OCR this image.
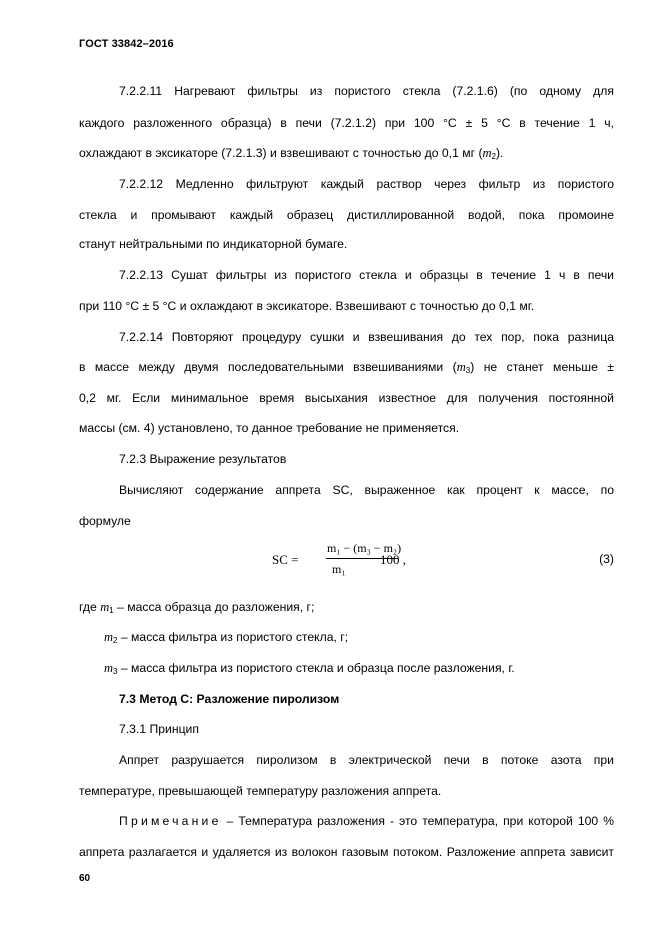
ГОСТ 33842–2016
7.2.2.11 Нагревают фильтры из пористого стекла (7.2.1.6) (по одному для
каждого разложенного образца) в печи (7.2.1.2) при 100 °С ± 5 °С в течение 1 ч,
охлаждают в эксикаторе (7.2.1.3) и взвешивают с точностью до 0,1 мг $(m_2)$.
7.2.2.12 Медленно фильтруют каждый раствор через фильтр из пористого
стекла и промывают каждый образец дистиллированной водой, пока промоине
станут нейтральными по индикаторной бумаге.
7.2.2.13 Сушат фильтры из пористого стекла и образцы в течение 1 ч в печи
при 110 °С ± 5 °С и охлаждают в эксикаторе. Взвешивают с точностью до 0,1 мг.
7.2.2.14 Повторяют процедуру сушки и взвешивания до тех пор, пока разница
в массе между двумя последовательными взвешиваниями $(m_3)$ не станет меньше ±
0,2 мг. Если минимальное время высыхания известное для получения постоянной
массы (см. 4) установлено, то данное требование не применяется.
7.2.3 Выражение результатов
Вычисляют содержание аппрета SC, выраженное как процент к массе, по
формуле
SC =
m₁ − (m₃ − m₂)
m₁
100 ,	(3)
где $m_1$ – масса образца до разложения, г;
$m_2$ – масса фильтра из пористого стекла, г;
$m_3$ – масса фильтра из пористого стекла и образца после разложения, г.
7.3 Метод С: Разложение пиролизом
7.3.1 Принцип
Аппрет разрушается пиролизом в электрической печи в потоке азота при
температуре, превышающей температуру разложения аппрета.
Примечание – Температура разложения - это температура, при которой 100 %
аппрета разлагается и удаляется из волокон газовым потоком. Разложение аппрета зависит
60
